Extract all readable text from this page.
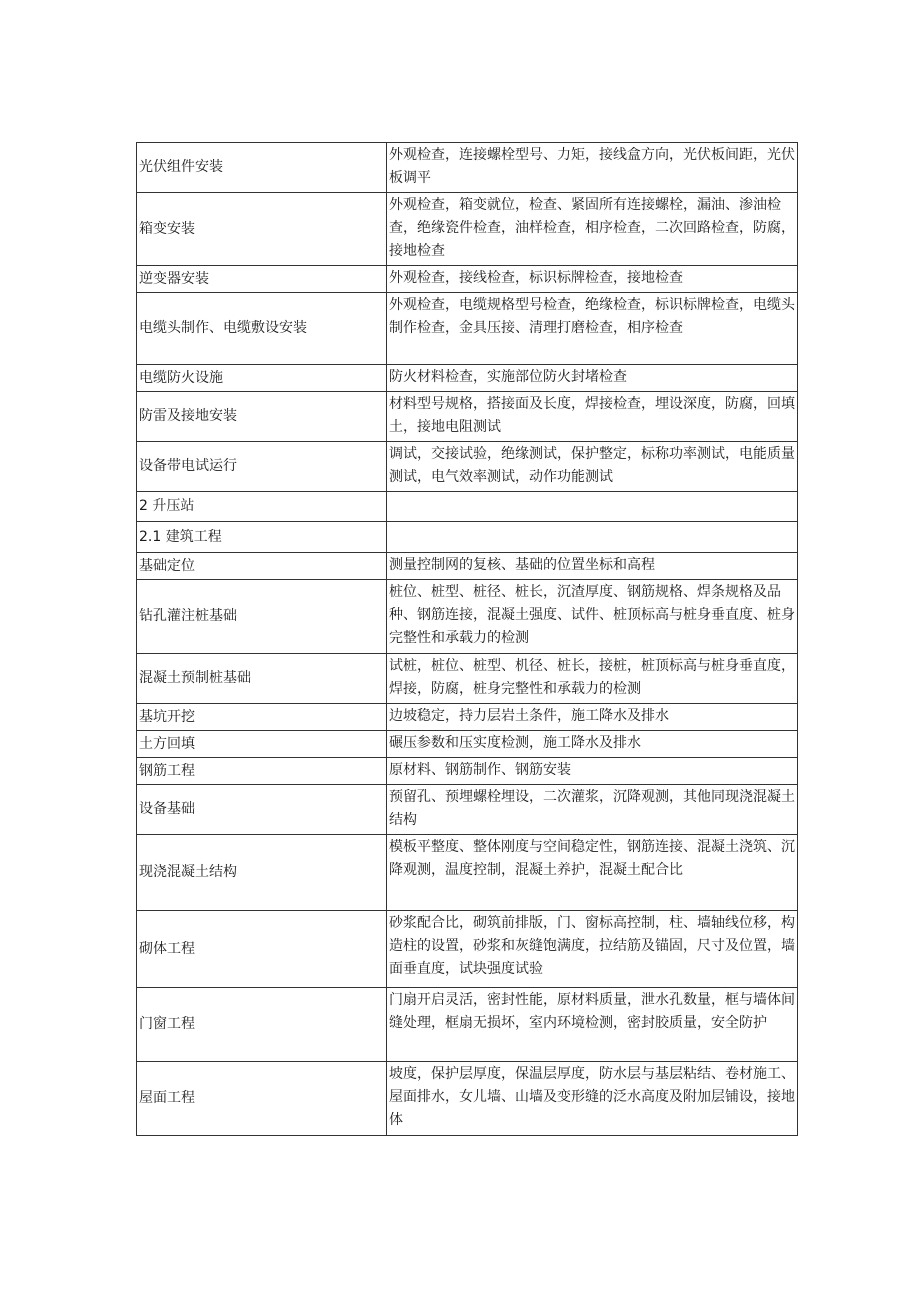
光伏组件安装	外观检查，连接螺栓型号、力矩，接线盒方向，光伏板间距，光伏板调平
箱变安装	外观检查，箱变就位，检查、紧固所有连接螺栓，漏油、渗油检查，绝缘瓷件检查，油样检查，相序检查，二次回路检查，防腐，接地检查
逆变器安装	外观检查，接线检查，标识标牌检查，接地检查
电缆头制作、电缆敷设安装	外观检查，电缆规格型号检查，绝缘检查，标识标牌检查，电缆头制作检查，金具压接、清理打磨检查，相序检查
电缆防火设施	防火材料检查，实施部位防火封堵检查
防雷及接地安装	材料型号规格，搭接面及长度，焊接检查，埋设深度，防腐，回填土，接地电阻测试
设备带电试运行	调试，交接试验，绝缘测试，保护整定，标称功率测试，电能质量测试，电气效率测试，动作功能测试
2 升压站	
2.1 建筑工程	
基础定位	测量控制网的复核、基础的位置坐标和高程
钻孔灌注桩基础	桩位、桩型、桩径、桩长，沉渣厚度、钢筋规格、焊条规格及品种、钢筋连接，混凝土强度、试件、桩顶标高与桩身垂直度、桩身完整性和承载力的检测
混凝土预制桩基础	试桩，桩位、桩型、机径、桩长，接桩，桩顶标高与桩身垂直度，焊接，防腐，桩身完整性和承载力的检测
基坑开挖	边坡稳定，持力层岩土条件，施工降水及排水
土方回填	碾压参数和压实度检测，施工降水及排水
钢筋工程	原材料、钢筋制作、钢筋安装
设备基础	预留孔、预埋螺栓埋设，二次灌浆，沉降观测，其他同现浇混凝土结构
现浇混凝土结构	模板平整度、整体刚度与空间稳定性，钢筋连接、混凝土浇筑、沉降观测，温度控制，混凝土养护，混凝土配合比
砌体工程	砂浆配合比，砌筑前排版，门、窗标高控制，柱、墙轴线位移，构造柱的设置，砂浆和灰缝饱满度，拉结筋及锚固，尺寸及位置，墙面垂直度，试块强度试验
门窗工程	门扇开启灵活，密封性能，原材料质量，泄水孔数量，框与墙体间缝处理，框扇无损坏，室内环境检测，密封胶质量，安全防护
屋面工程	坡度，保护层厚度，保温层厚度，防水层与基层粘结、卷材施工、屋面排水，女儿墙、山墙及变形缝的泛水高度及附加层铺设，接地体
